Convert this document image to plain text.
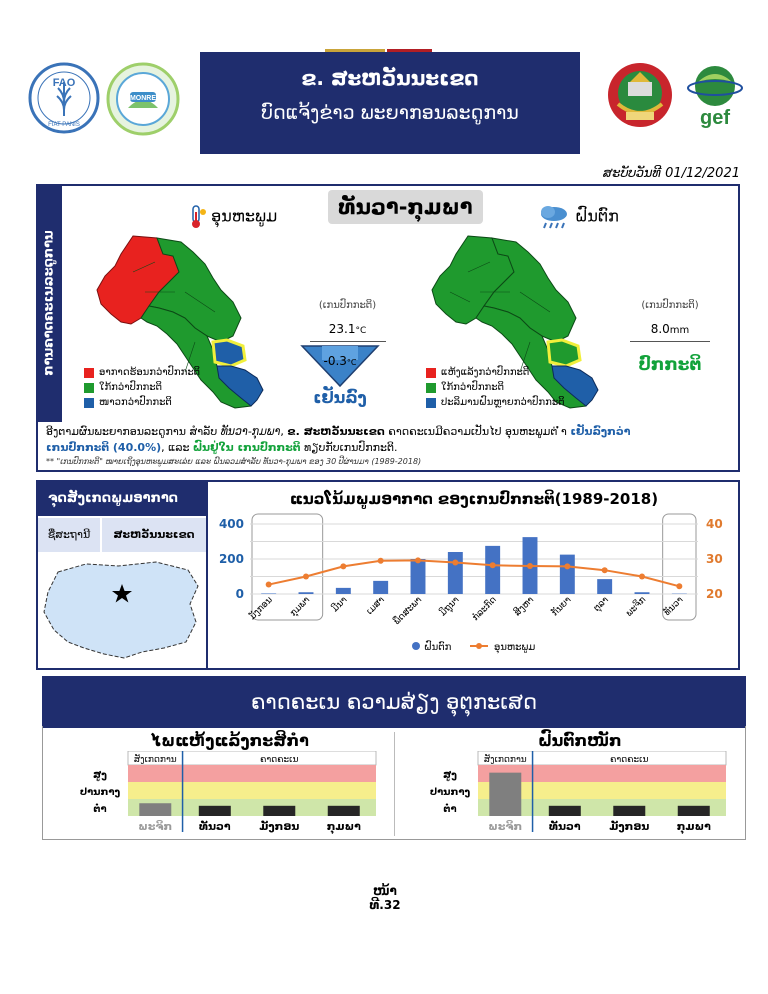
FAO
FIAT PANIS
MONRE
ຂ. ສະຫວັນນະເຂດ
ບົດແຈ້ງຂ່າວ ພະຍາກອນລະດູການ	gef
ສະບັບວັນທີ 01/12/2021
ການຄາດຄະເນລະດູການ
ທັນວາ-ກຸມພາ
ອຸນຫະພູມ	ຝົນຕົກ
ອາກາດຮ້ອນກວ່າປົກກະຕິ
ໃກ້ກວ່າປົກກະຕິ
ໜາວກວ່າປົກກະຕິ
ແຫ້ງແລ້ງກວ່າປົກກະຕິ
ໃກ້ກວ່າປົກກະຕິ
ປະລິມານຝົນຫຼາຍກວ່າປົກກະຕິ
(ເກນປົກກະຕິ)
23.1°C
-0.3°C
ເຢັນລົງ
(ເກນປົກກະຕິ)
8.0mm
ປົກກະຕິ
ອີງຕາມຜົນພະຍາກອນລະດູການ ສຳລັບ ທັນວາ-ກຸມພາ, ຂ. ສະຫວັນນະເຂດ ຄາດຄະເນມີຄວາມເປັນໄປ ອຸນຫະພູມຕ່ ່ຳ ເຢັນລົງກວ່າ
ເກນປົກກະຕິ (40.0%), ແລະ ຝົນຢູ່ໃນ ເກນປົກກະຕິ ທຽບກັບເກນປົກກະຕິ.
** "ເກນປົກກະຕິ" ໝາຍເຖິງອຸນຫະພູມສະເລ່ຍ ແລະ ຝົນລວມສຳລັບ ທັນວາ-ກຸມພາ ຂອງ 30 ປີຜ່ານມາ (1989-2018)
ຈຸດສັງເກດພູມອາກາດ
ຊື່ສະຖານີ	ສະຫວັນນະເຂດ
ແນວໂນ້ມພູມອາກາດ ຂອງເກນປົກກະຕິ(1989-2018)
0
200
400
20
30
40
ມັງກອນ ກຸມພາ ມີນາ ເມສາ ພຶດສະພາ ມິຖຸນາ ກໍລະກົດ ສິງຫາ ກັນຍາ ຕຸລາ ພະຈິກ ທັນວາ
ຝົນຕົກ	ອຸນຫະພູມ
ຄາດຄະເນ ຄວາມສ່ຽງ ອຸຕຸກະເສດ
ໄພແຫ້ງແລ້ງກະສິກຳ	ຝົນຕົກໜັກ
ສັງເກດການ	ຄາດຄະເນ
ສູງ
ປານກາງ
ຕ່ຳ
ພະຈິກ ທັນວາ	ມັງກອນ ກຸມພາ
ສັງເກດການ	ຄາດຄະເນ
ສູງ
ປານກາງ
ຕ່ຳ
ພະຈິກ ທັນວາ	ມັງກອນ ກຸມພາ
ໜ້າທີ.32
